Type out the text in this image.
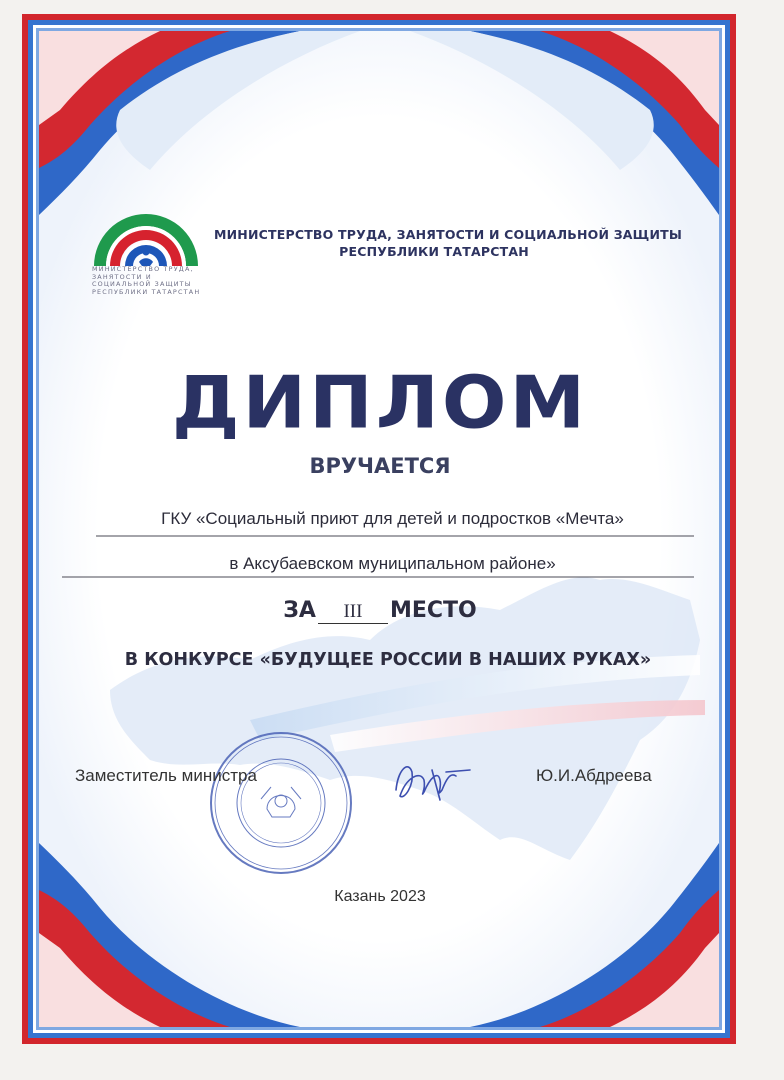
МИНИСТЕРСТВО ТРУДА, ЗАНЯТОСТИ И СОЦИАЛЬНОЙ ЗАЩИТЫ
РЕСПУБЛИКИ ТАТАРСТАН
МИНИСТЕРСТВО ТРУДА, ЗАНЯТОСТИ И СОЦИАЛЬНОЙ ЗАЩИТЫ РЕСПУБЛИКИ ТАТАРСТАН
ДИПЛОМ
ВРУЧАЕТСЯ
ГКУ «Социальный приют для детей и подростков «Мечта»
в Аксубаевском муниципальном районе»
ЗА III МЕСТО
В КОНКУРСЕ «БУДУЩЕЕ РОССИИ В НАШИХ РУКАХ»
Заместитель министра	Ю.И.Абдреева
Казань 2023
